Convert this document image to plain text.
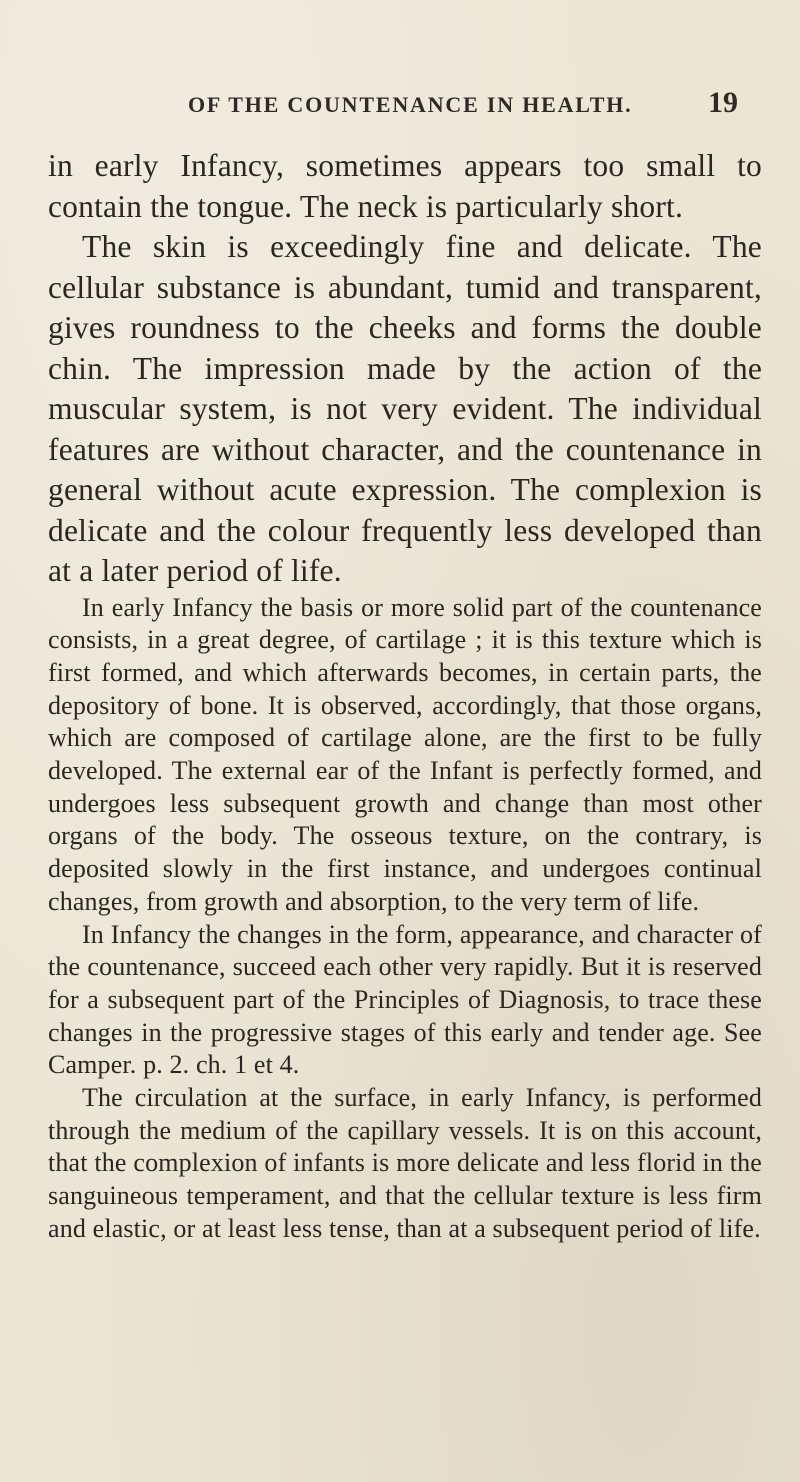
OF THE COUNTENANCE IN HEALTH.	19

in early Infancy, sometimes appears too small to contain the tongue. The neck is particularly short.

The skin is exceedingly fine and delicate. The cellular substance is abundant, tumid and transparent, gives roundness to the cheeks and forms the double chin. The impression made by the action of the muscular system, is not very evident. The individual features are without character, and the countenance in general without acute expression. The complexion is delicate and the colour frequently less developed than at a later period of life.

In early Infancy the basis or more solid part of the countenance consists, in a great degree, of cartilage ; it is this texture which is first formed, and which afterwards becomes, in certain parts, the depository of bone. It is observed, accordingly, that those organs, which are composed of cartilage alone, are the first to be fully developed. The external ear of the Infant is perfectly formed, and undergoes less subsequent growth and change than most other organs of the body. The osseous texture, on the contrary, is deposited slowly in the first instance, and undergoes continual changes, from growth and absorption, to the very term of life.

In Infancy the changes in the form, appearance, and character of the countenance, succeed each other very rapidly. But it is reserved for a subsequent part of the Principles of Diagnosis, to trace these changes in the progressive stages of this early and tender age. See Camper. p. 2. ch. 1 et 4.

The circulation at the surface, in early Infancy, is performed through the medium of the capillary vessels. It is on this account, that the complexion of infants is more delicate and less florid in the sanguineous temperament, and that the cellular texture is less firm and elastic, or at least less tense, than at a subsequent period of life.
